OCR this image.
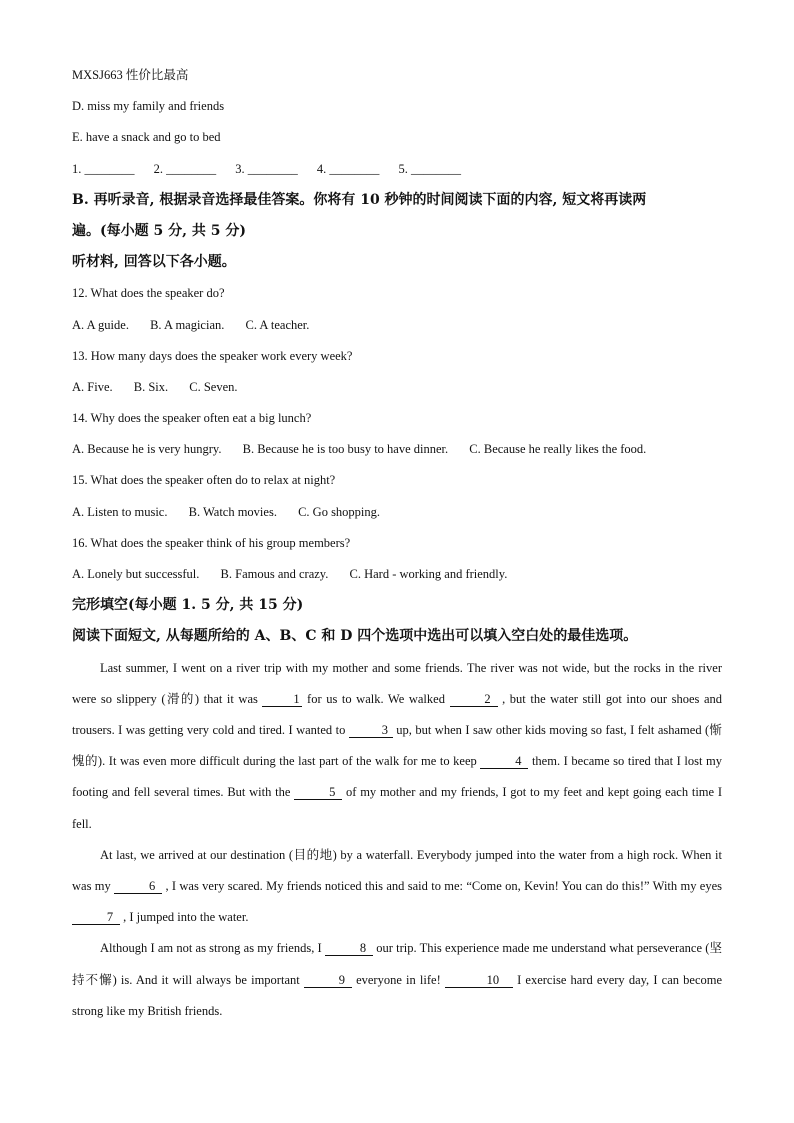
MXSJ663 性价比最高
D. miss my family and friends
E. have a snack and go to bed
1. ________ 2. ________ 3. ________ 4. ________ 5. ________
B. 再听录音, 根据录音选择最佳答案。你将有 10 秒钟的时间阅读下面的内容, 短文将再读两
遍。(每小题 5 分, 共 5 分)
听材料, 回答以下各小题。
12. What does the speaker do?
A. A guide. B. A magician. C. A teacher.
13. How many days does the speaker work every week?
A. Five. B. Six. C. Seven.
14. Why does the speaker often eat a big lunch?
A. Because he is very hungry. B. Because he is too busy to have dinner. C. Because he really likes the food.
15. What does the speaker often do to relax at night?
A. Listen to music. B. Watch movies. C. Go shopping.
16. What does the speaker think of his group members?
A. Lonely but successful. B. Famous and crazy. C. Hard - working and friendly.
完形填空(每小题 1. 5 分, 共 15 分)
阅读下面短文, 从每题所给的 A、B、C 和 D 四个选项中选出可以填入空白处的最佳选项。
Last summer, I went on a river trip with my mother and some friends. The river was not wide, but the rocks in the river were so slippery (滑的) that it was	1 for us to walk. We walked	2 , but the water still got into our shoes and trousers. I was getting very cold and tired. I wanted to	3 up, but when I saw other kids moving so fast, I felt ashamed (惭愧的). It was even more difficult during the last part of the walk for me to keep	4 them. I became so tired that I lost my footing and fell several times. But with the	5 of my mother and my friends, I got to my feet and kept going each time I fell.
At last, we arrived at our destination (目的地) by a waterfall. Everybody jumped into the water from a high rock. When it was my	6 , I was very scared. My friends noticed this and said to me: “Come on, Kevin! You can do this!” With my eyes 7 , I jumped into the water.
Although I am not as strong as my friends, I	8 our trip. This experience made me understand what perseverance (坚持不懈) is. And it will always be important	9 everyone in life!	10 I exercise hard every day, I can become strong like my British friends.
